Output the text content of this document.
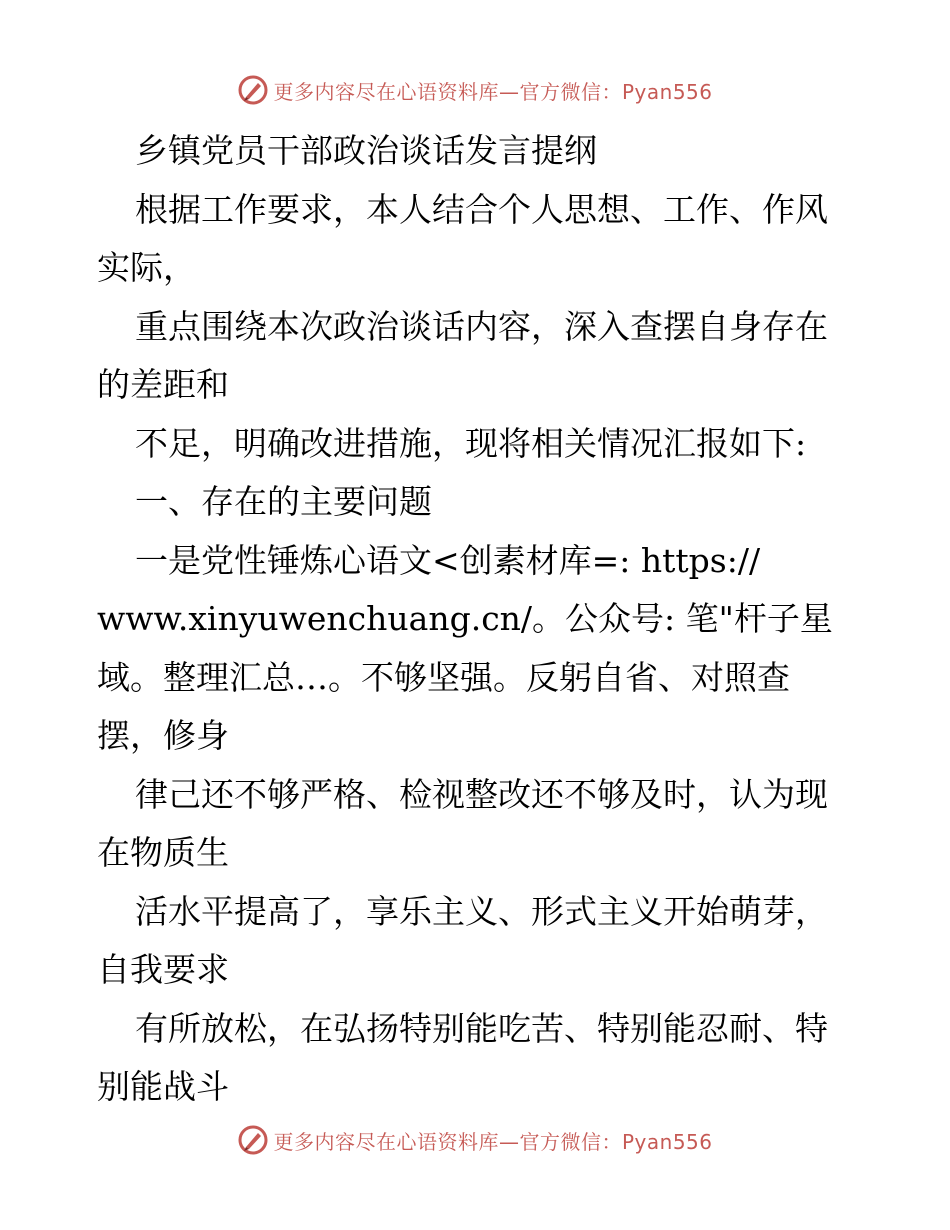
更多内容尽在心语资料库—官方微信：Pyan556
乡镇党员干部政治谈话发言提纲
根据工作要求，本人结合个人思想、工作、作风
实际，
重点围绕本次政治谈话内容，深入查摆自身存在
的差距和
不足，明确改进措施，现将相关情况汇报如下:
一、存在的主要问题
一是党性锤炼心语文<创素材库=: https://
www.xinyuwenchuang.cn/。公众号: 笔"杆子星
域。整理汇总…。不够坚强。反躬自省、对照查
摆，修身
律己还不够严格、检视整改还不够及时，认为现
在物质生
活水平提高了，享乐主义、形式主义开始萌芽，
自我要求
有所放松，在弘扬特别能吃苦、特别能忍耐、特
别能战斗
更多内容尽在心语资料库—官方微信：Pyan556
